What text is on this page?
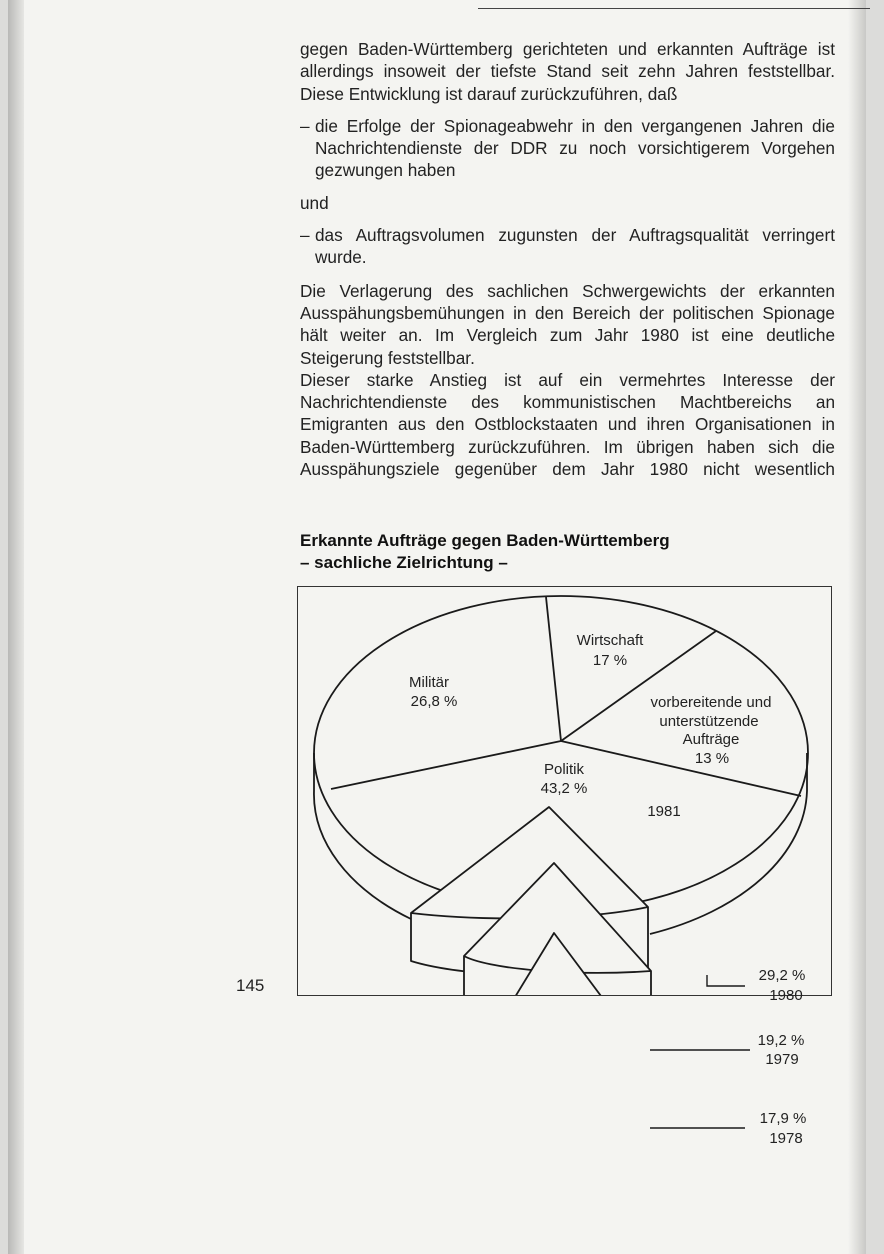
gegen Baden-Württemberg gerichteten und erkannten Aufträge ist allerdings insoweit der tiefste Stand seit zehn Jahren feststellbar. Diese Entwicklung ist darauf zurückzuführen, daß

– die Erfolge der Spionageabwehr in den vergangenen Jahren die Nachrichtendienste der DDR zu noch vorsichtigerem Vorgehen gezwungen haben

und

– das Auftragsvolumen zugunsten der Auftragsqualität verringert wurde.

Die Verlagerung des sachlichen Schwergewichts der erkannten Ausspähungsbemühungen in den Bereich der politischen Spionage hält weiter an. Im Vergleich zum Jahr 1980 ist eine deutliche Steigerung feststellbar.

Dieser starke Anstieg ist auf ein vermehrtes Interesse der Nachrichtendienste des kommunistischen Machtbereichs an Emigranten aus den Ostblockstaaten und ihren Organisationen in Baden-Württemberg zurückzuführen. Im übrigen haben sich die Ausspähungsziele gegenüber dem Jahr 1980 nicht wesentlich

Erkannte Aufträge gegen Baden-Württemberg
– sachliche Zielrichtung –
Militär
26,8 %
Wirtschaft
17 %
vorbereitende und
unterstützende
Aufträge
13 %
Politik
43,2 %
1981
29,2 %
1980
19,2 %
1979
17,9 %
1978
145
